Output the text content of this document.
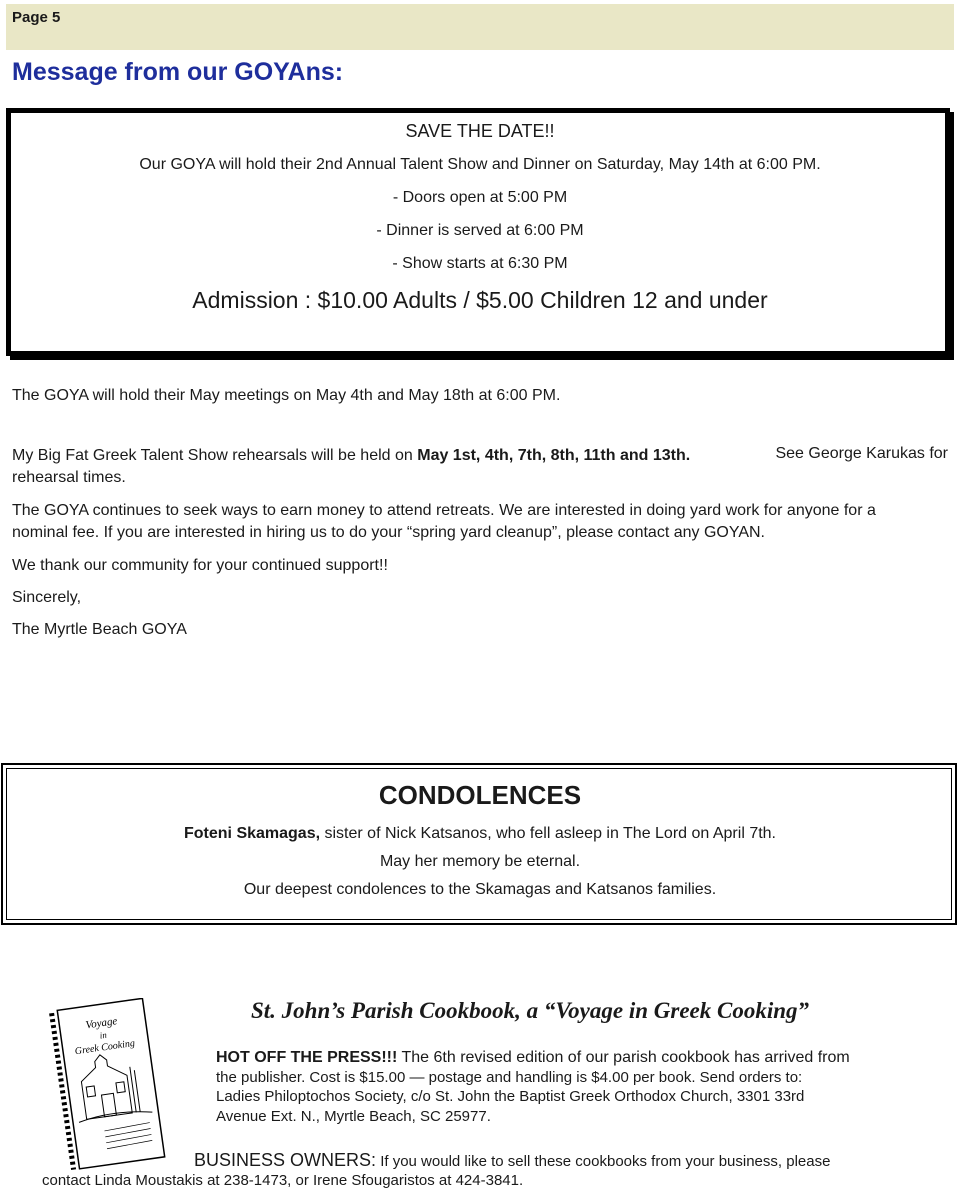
Page 5
Message from our GOYAns:
SAVE THE DATE!!
Our GOYA will hold their 2nd Annual Talent Show and Dinner on Saturday, May 14th at 6:00 PM.
- Doors open at 5:00 PM
- Dinner is served at 6:00 PM
- Show starts at 6:30 PM
Admission : $10.00 Adults / $5.00 Children 12 and under
The GOYA will hold their May meetings on May 4th and May 18th at 6:00 PM.
My Big Fat Greek Talent Show rehearsals will be held on May 1st, 4th, 7th, 8th, 11th and 13th.	See George Karukas for
rehearsal times.
The GOYA continues to seek ways to earn money to attend retreats. We are interested in doing yard work for anyone for a
nominal fee. If you are interested in hiring us to do your “spring yard cleanup”, please contact any GOYAN.
We thank our community for your continued support!!
Sincerely,
The Myrtle Beach GOYA
CONDOLENCES
Foteni Skamagas, sister of Nick Katsanos, who fell asleep in The Lord on April 7th.
May her memory be eternal.
Our deepest condolences to the Skamagas and Katsanos families.
St. John’s Parish Cookbook, a “Voyage in Greek Cooking”
Voyage
in
Greek Cooking
HOT OFF THE PRESS!!! The 6th revised edition of our parish cookbook has arrived from
the publisher. Cost is $15.00 — postage and handling is $4.00 per book. Send orders to:
Ladies Philoptochos Society, c/o St. John the Baptist Greek Orthodox Church, 3301 33rd
Avenue Ext. N., Myrtle Beach, SC 25977.
BUSINESS OWNERS: If you would like to sell these cookbooks from your business, please
contact Linda Moustakis at 238-1473, or Irene Sfougaristos at 424-3841.
